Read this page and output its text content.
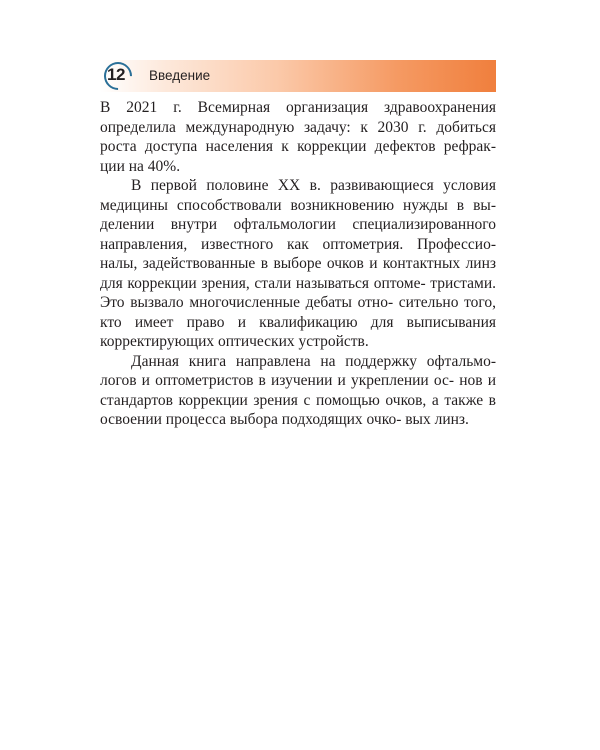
12 Введение

В 2021 г. Всемирная организация здравоохранения определила международную задачу: к 2030 г. добиться роста доступа населения к коррекции дефектов рефрак- ции на 40%.

В первой половине XX в. развивающиеся условия медицины способствовали возникновению нужды в вы- делении внутри офтальмологии специализированного направления, известного как оптометрия. Профессио- налы, задействованные в выборе очков и контактных линз для коррекции зрения, стали называться оптоме- тристами. Это вызвало многочисленные дебаты отно- сительно того, кто имеет право и квалификацию для выписывания корректирующих оптических устройств.

Данная книга направлена на поддержку офтальмо- логов и оптометристов в изучении и укреплении ос- нов и стандартов коррекции зрения с помощью очков, а также в освоении процесса выбора подходящих очко- вых линз.
